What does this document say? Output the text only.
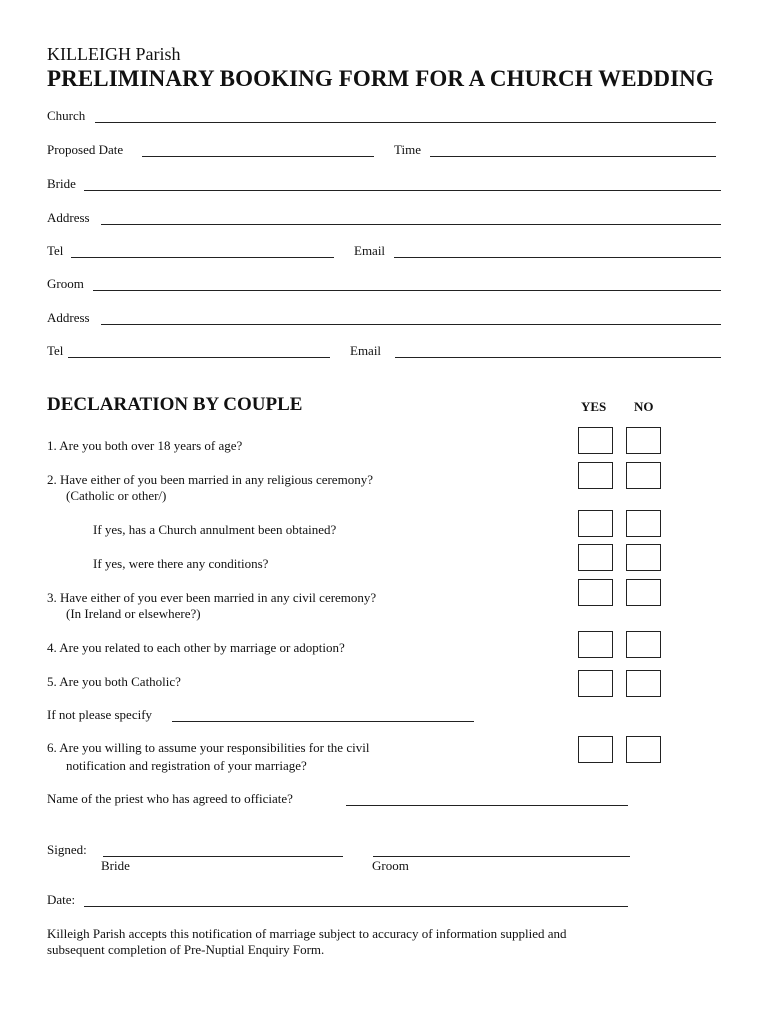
KILLEIGH Parish
PRELIMINARY BOOKING FORM FOR A CHURCH WEDDING
Church
Proposed Date	Time
Bride
Address
Tel	Email
Groom
Address
Tel	Email
DECLARATION BY COUPLE	YES NO
1. Are you both over 18 years of age?
2. Have either of you been married in any religious ceremony?
(Catholic or other/)
If yes, has a Church annulment been obtained?
If yes, were there any conditions?
3. Have either of you ever been married in any civil ceremony?
(In Ireland or elsewhere?)
4. Are you related to each other by marriage or adoption?
5. Are you both Catholic?
If not please specify
6. Are you willing to assume your responsibilities for the civil
notification and registration of your marriage?
Name of the priest who has agreed to officiate?
Signed:
Bride	Groom
Date:
Killeigh Parish accepts this notification of marriage subject to accuracy of information supplied and
subsequent completion of Pre-Nuptial Enquiry Form.
